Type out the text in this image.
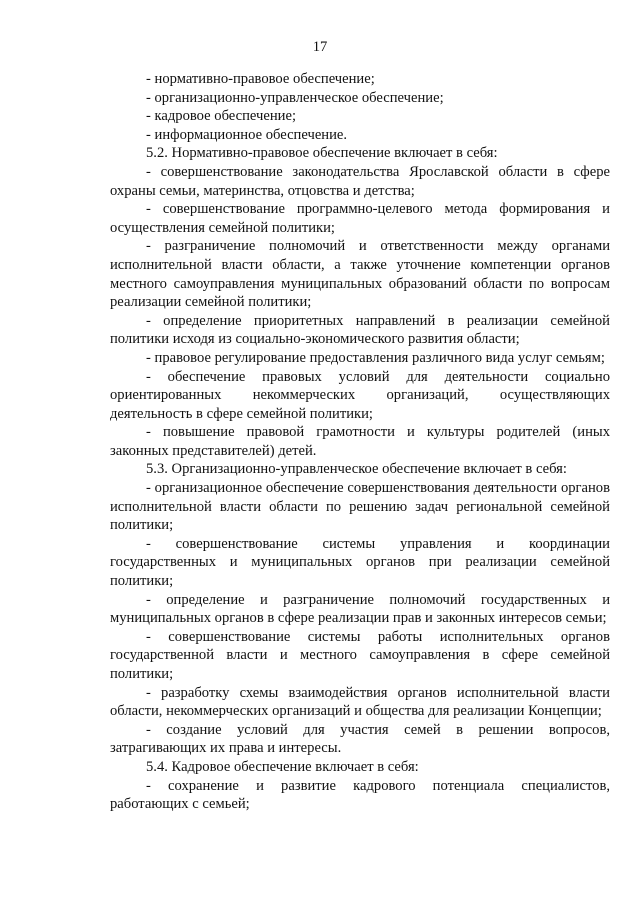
17

- нормативно-правовое обеспечение;

- организационно-управленческое обеспечение;

- кадровое обеспечение;

- информационное обеспечение.

5.2. Нормативно-правовое обеспечение включает в себя:

- совершенствование законодательства Ярославской области в сфере охраны семьи, материнства, отцовства и детства;

- совершенствование программно-целевого метода формирования и осуществления семейной политики;

- разграничение полномочий и ответственности между органами исполнительной власти области, а также уточнение компетенции органов местного самоуправления муниципальных образований области по вопросам реализации семейной политики;

- определение приоритетных направлений в реализации семейной политики исходя из социально-экономического развития области;

- правовое регулирование предоставления различного вида услуг семьям;

- обеспечение правовых условий для деятельности социально ориентированных некоммерческих организаций, осуществляющих деятельность в сфере семейной политики;

- повышение правовой грамотности и культуры родителей (иных законных представителей) детей.

5.3. Организационно-управленческое обеспечение включает в себя:

- организационное обеспечение совершенствования деятельности органов исполнительной власти области по решению задач региональной семейной политики;

- совершенствование системы управления и координации государственных и муниципальных органов при реализации семейной политики;

- определение и разграничение полномочий государственных и муниципальных органов в сфере реализации прав и законных интересов семьи;

- совершенствование системы работы исполнительных органов государственной власти и местного самоуправления в сфере семейной политики;

- разработку схемы взаимодействия органов исполнительной власти области, некоммерческих организаций и общества для реализации Концепции;

- создание условий для участия семей в решении вопросов, затрагивающих их права и интересы.

5.4. Кадровое обеспечение включает в себя:

- сохранение и развитие кадрового потенциала специалистов, работающих с семьей;
